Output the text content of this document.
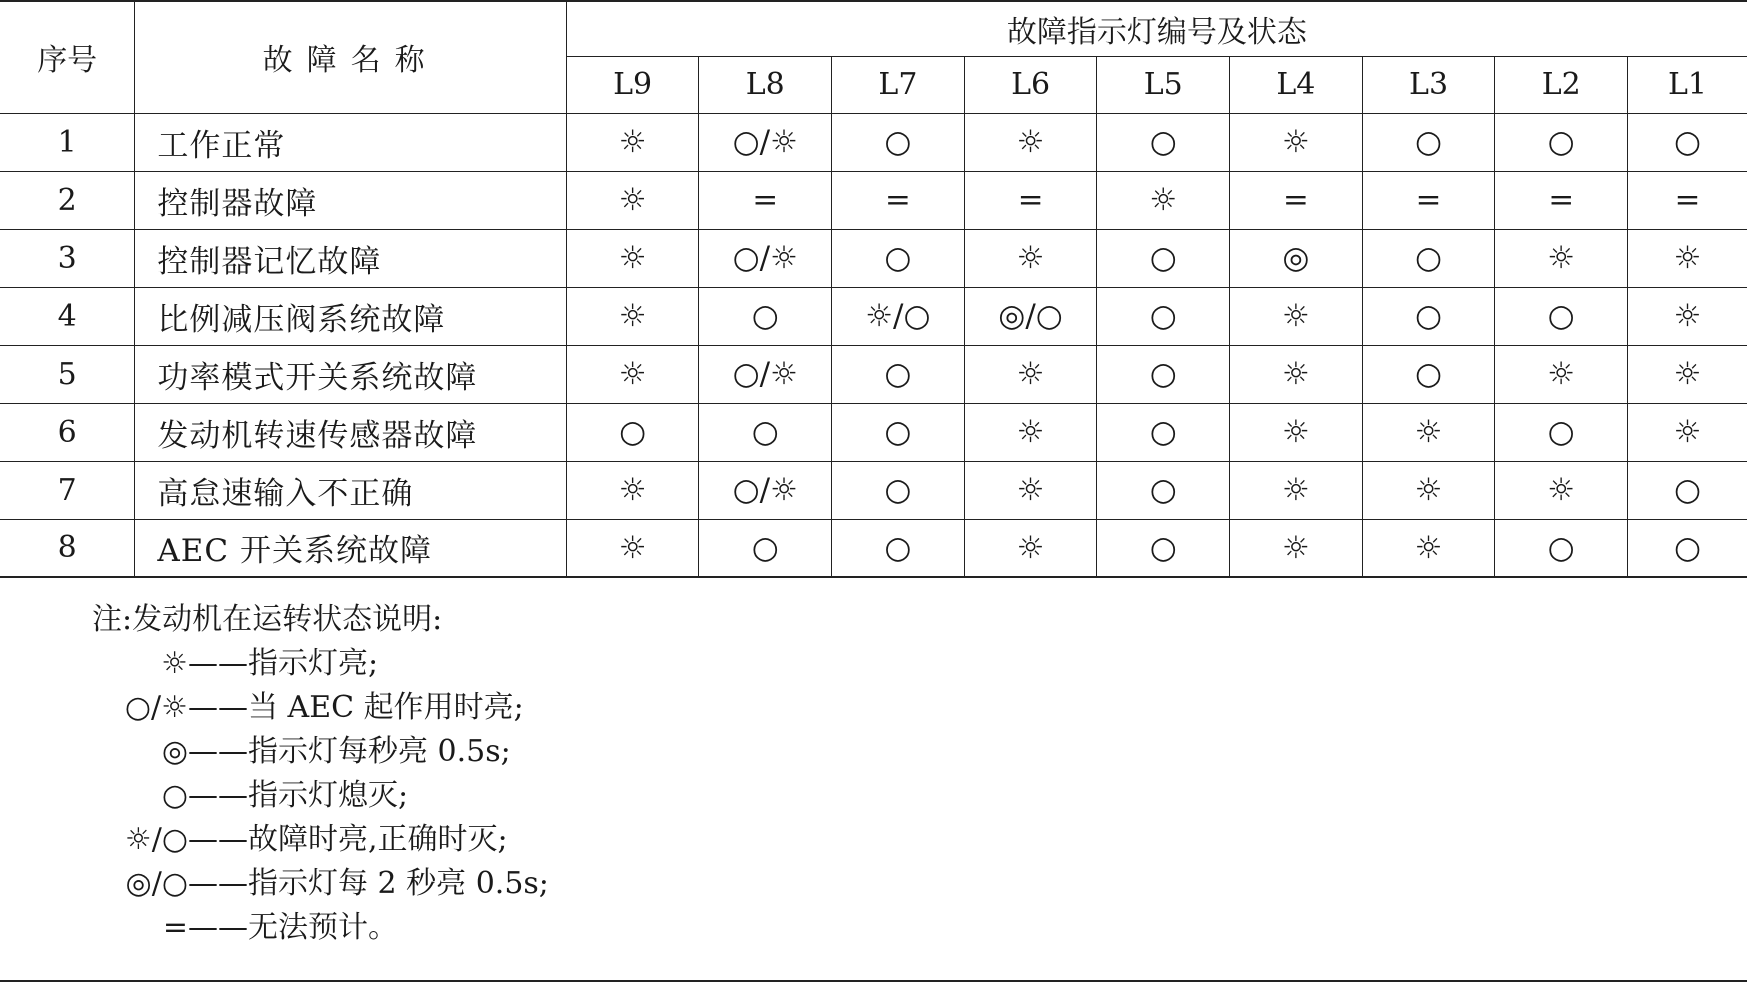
序号	故障名称	故障指示灯编号及状态								
		L9	L8	L7	L6	L5	L4	L3	L2	L1
1	工作正常	☼	○/☼	○	☼	○	☼	○	○	○
2	控制器故障	☼	=	=	=	☼	=	=	=	=
3	控制器记忆故障	☼	○/☼	○	☼	○	◎	○	☼	☼
4	比例减压阀系统故障	☼	○	☼/○	◎/○	○	☼	○	○	☼
5	功率模式开关系统故障	☼	○/☼	○	☼	○	☼	○	☼	☼
6	发动机转速传感器故障	○	○	○	☼	○	☼	☼	○	☼
7	高怠速输入不正确	☼	○/☼	○	☼	○	☼	☼	☼	○
8	AEC 开关系统故障	☼	○	○	☼	○	☼	☼	○	○
注:发动机在运转状态说明:
☼ ——指示灯亮;
○/☼ ——当 AEC 起作用时亮;
◎ ——指示灯每秒亮 0.5s;
○ ——指示灯熄灭;
☼/○ ——故障时亮,正确时灭;
◎/○ ——指示灯每 2 秒亮 0.5s;
= ——无法预计。
